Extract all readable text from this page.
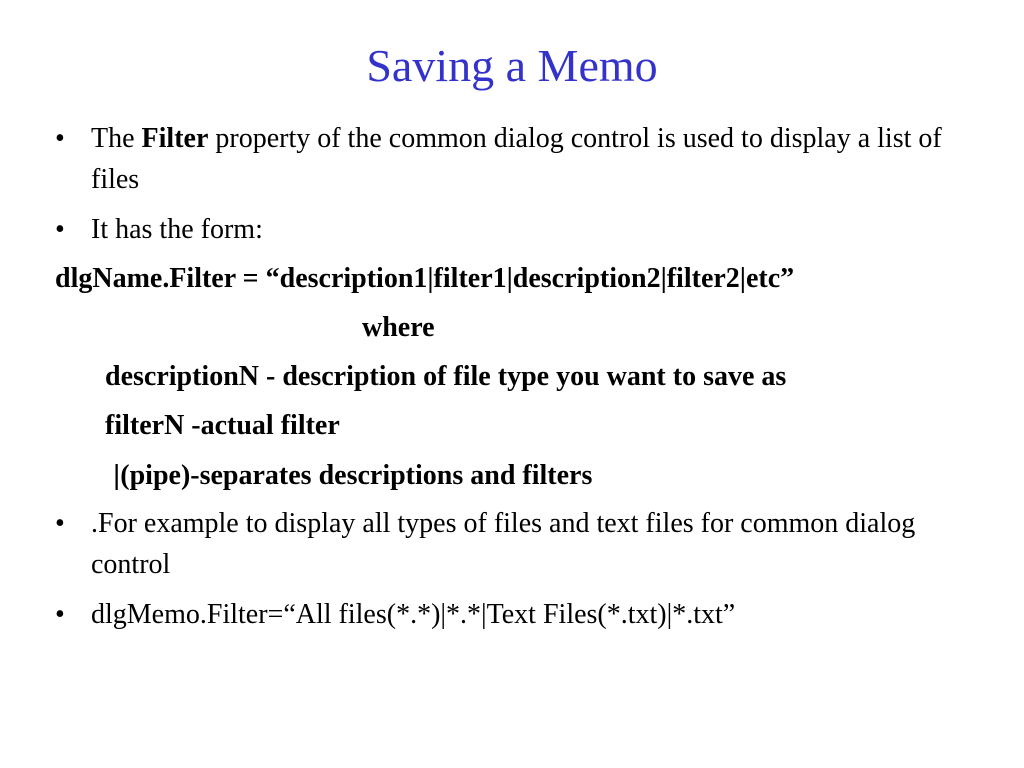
Saving a Memo
• The Filter property of the common dialog control is used to display a list of files
• It has the form:
dlgName.Filter = “description1|filter1|description2|filter2|etc”
where
descriptionN - description of file type you want to save as
filterN -actual filter
|(pipe)-separates descriptions and filters
• .For example to display all types of files and text files for common dialog control
• dlgMemo.Filter=“All files(*.*)|*.*|Text Files(*.txt)|*.txt”
